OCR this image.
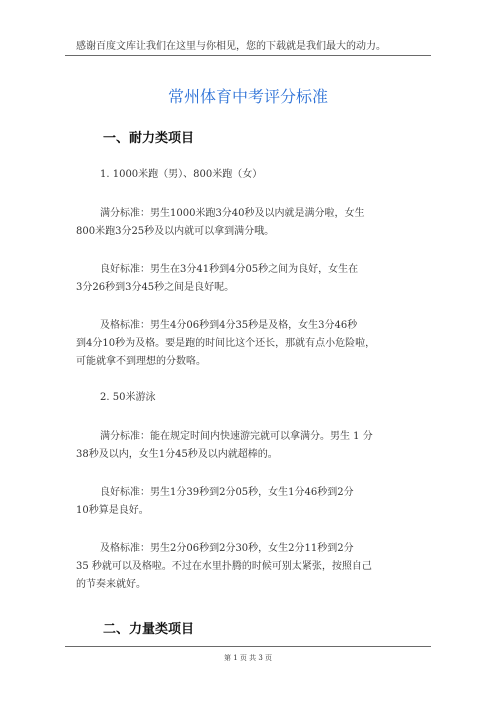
感谢百度文库让我们在这里与你相见，您的下载就是我们最大的动力。
常州体育中考评分标准
一、耐力类项目
1. 1000米跑（男）、800米跑（女）
满分标准：男生1000米跑3分40秒及以内就是满分啦，女生
800米跑3分25秒及以内就可以拿到满分哦。
良好标准：男生在3分41秒到4分05秒之间为良好，女生在
3分26秒到3分45秒之间是良好呢。
及格标准：男生4分06秒到4分35秒是及格，女生3分46秒
到4分10秒为及格。要是跑的时间比这个还长，那就有点小危险啦，
可能就拿不到理想的分数咯。
2. 50米游泳
满分标准：能在规定时间内快速游完就可以拿满分。男生 1 分
38秒及以内，女生1分45秒及以内就超棒的。
良好标准：男生1分39秒到2分05秒，女生1分46秒到2分
10秒算是良好。
及格标准：男生2分06秒到2分30秒，女生2分11秒到2分
35 秒就可以及格啦。不过在水里扑腾的时候可别太紧张，按照自己
的节奏来就好。
二、力量类项目
第 1 页 共 3 页
